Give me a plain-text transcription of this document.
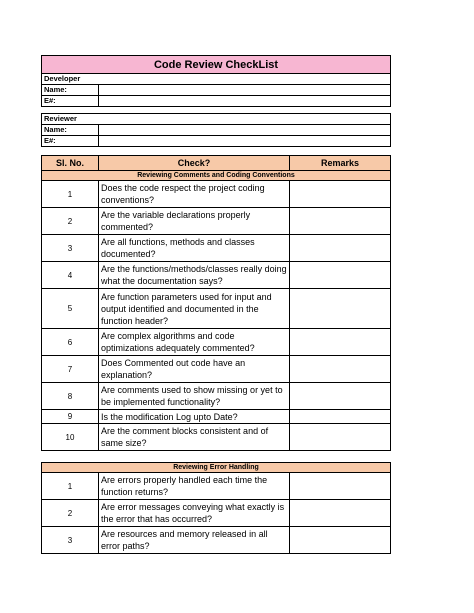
Code Review CheckList	
Developer	
Name:	
E#:	
Reviewer	
Name:	
E#:	
Sl. No.	Check?	Remarks
Reviewing Comments and Coding Conventions		
1	Does the code respect the project coding conventions?	
2	Are the variable declarations properly commented?	
3	Are all functions, methods and classes documented?	
4	Are the functions/methods/classes really doing what the documentation says?	
5	Are function parameters used for input and output identified and documented in the function header?	
6	Are complex algorithms and code optimizations adequately commented?	
7	Does Commented out code have an explanation?	
8	Are comments used to show missing or yet to be implemented functionality?	
9	Is the modification Log upto Date?	
10	Are the comment blocks consistent and of same size?	
Reviewing Error Handling		
1	Are errors properly handled each time the function returns?	
2	Are error messages conveying what exactly is the error that has occurred?	
3	Are resources and memory released in all error paths?	
